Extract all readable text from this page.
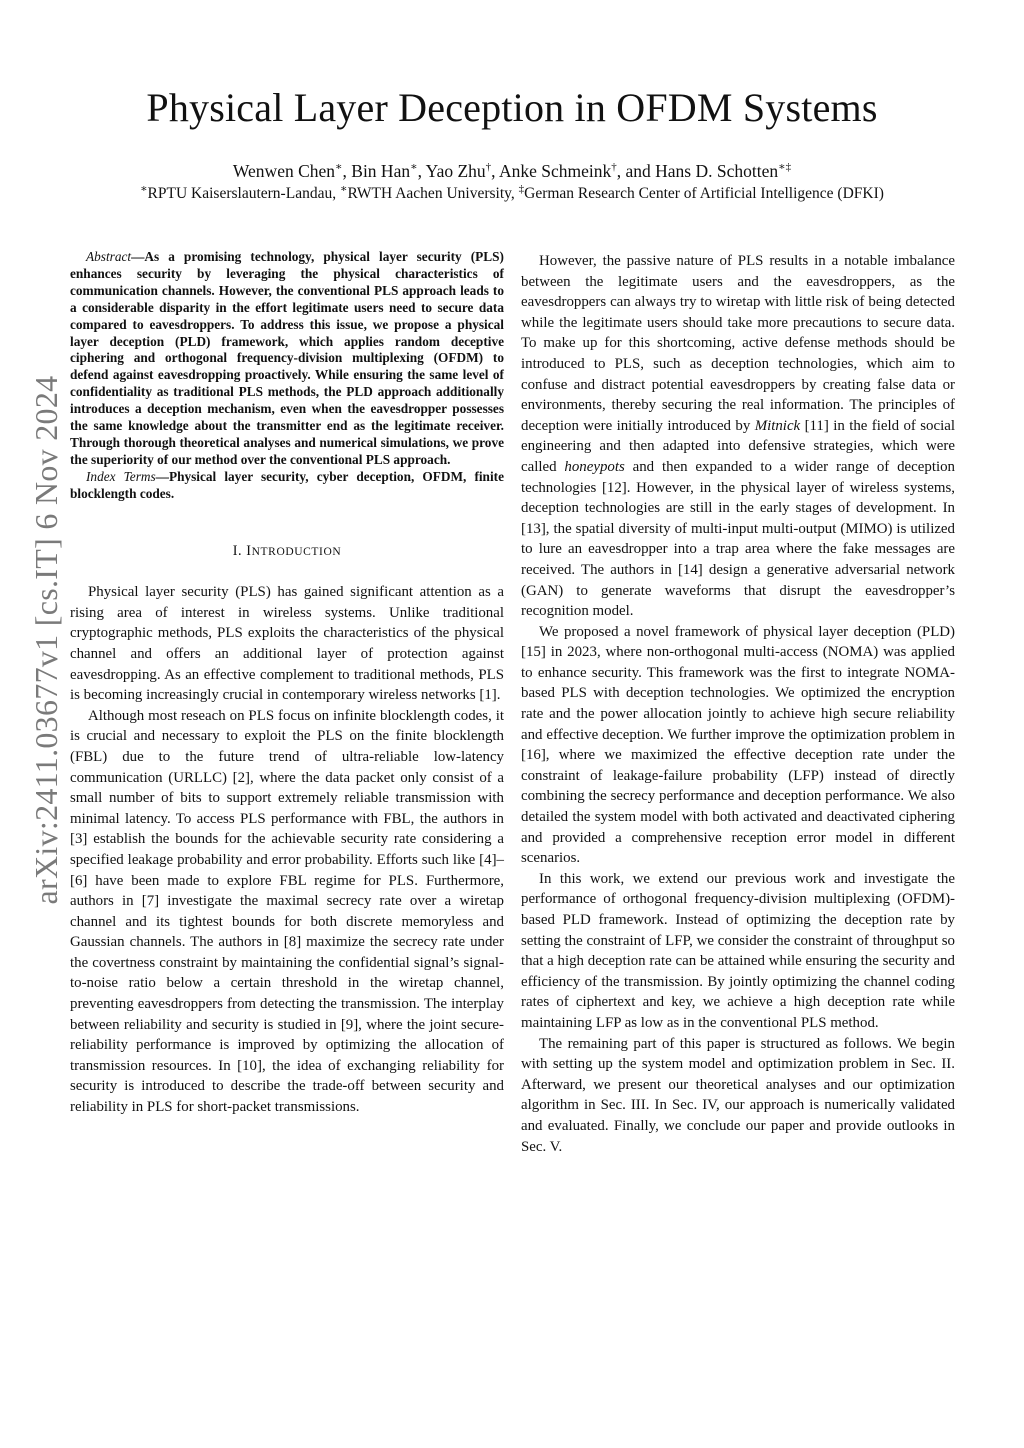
arXiv:2411.03677v1 [cs.IT] 6 Nov 2024
Physical Layer Deception in OFDM Systems
Wenwen Chen∗, Bin Han∗, Yao Zhu†, Anke Schmeink†, and Hans D. Schotten∗‡
∗RPTU Kaiserslautern-Landau, ∗RWTH Aachen University, ‡German Research Center of Artificial Intelligence (DFKI)

Abstract—As a promising technology, physical layer security (PLS) enhances security by leveraging the physical characteristics of communication channels. However, the conventional PLS approach leads to a considerable disparity in the effort legitimate users need to secure data compared to eavesdroppers. To address this issue, we propose a physical layer deception (PLD) framework, which applies random deceptive ciphering and orthogonal frequency-division multiplexing (OFDM) to defend against eavesdropping proactively. While ensuring the same level of confidentiality as traditional PLS methods, the PLD approach additionally introduces a deception mechanism, even when the eavesdropper possesses the same knowledge about the transmitter end as the legitimate receiver. Through thorough theoretical analyses and numerical simulations, we prove the superiority of our method over the conventional PLS approach.

Index Terms—Physical layer security, cyber deception, OFDM, finite blocklength codes.

I. INTRODUCTION

Physical layer security (PLS) has gained significant attention as a rising area of interest in wireless systems. Unlike traditional cryptographic methods, PLS exploits the characteristics of the physical channel and offers an additional layer of protection against eavesdropping. As an effective complement to traditional methods, PLS is becoming increasingly crucial in contemporary wireless networks [1].

Although most reseach on PLS focus on infinite blocklength codes, it is crucial and necessary to exploit the PLS on the finite blocklength (FBL) due to the future trend of ultra-reliable low-latency communication (URLLC) [2], where the data packet only consist of a small number of bits to support extremely reliable transmission with minimal latency. To access PLS performance with FBL, the authors in [3] establish the bounds for the achievable security rate considering a specified leakage probability and error probability. Efforts such like [4]–[6] have been made to explore FBL regime for PLS. Furthermore, authors in [7] investigate the maximal secrecy rate over a wiretap channel and its tightest bounds for both discrete memoryless and Gaussian channels. The authors in [8] maximize the secrecy rate under the covertness constraint by maintaining the confidential signal’s signal-to-noise ratio below a certain threshold in the wiretap channel, preventing eavesdroppers from detecting the transmission. The interplay between reliability and security is studied in [9], where the joint secure-reliability performance is improved by optimizing the allocation of transmission resources. In [10], the idea of exchanging reliability for security is introduced to describe the trade-off between security and reliability in PLS for short-packet transmissions.

However, the passive nature of PLS results in a notable imbalance between the legitimate users and the eavesdroppers, as the eavesdroppers can always try to wiretap with little risk of being detected while the legitimate users should take more precautions to secure data. To make up for this shortcoming, active defense methods should be introduced to PLS, such as deception technologies, which aim to confuse and distract potential eavesdroppers by creating false data or environments, thereby securing the real information. The principles of deception were initially introduced by Mitnick [11] in the field of social engineering and then adapted into defensive strategies, which were called honeypots and then expanded to a wider range of deception technologies [12]. However, in the physical layer of wireless systems, deception technologies are still in the early stages of development. In [13], the spatial diversity of multi-input multi-output (MIMO) is utilized to lure an eavesdropper into a trap area where the fake messages are received. The authors in [14] design a generative adversarial network (GAN) to generate waveforms that disrupt the eavesdropper’s recognition model.

We proposed a novel framework of physical layer deception (PLD) [15] in 2023, where non-orthogonal multi-access (NOMA) was applied to enhance security. This framework was the first to integrate NOMA-based PLS with deception technologies. We optimized the encryption rate and the power allocation jointly to achieve high secure reliability and effective deception. We further improve the optimization problem in [16], where we maximized the effective deception rate under the constraint of leakage-failure probability (LFP) instead of directly combining the secrecy performance and deception performance. We also detailed the system model with both activated and deactivated ciphering and provided a comprehensive reception error model in different scenarios.

In this work, we extend our previous work and investigate the performance of orthogonal frequency-division multiplexing (OFDM)-based PLD framework. Instead of optimizing the deception rate by setting the constraint of LFP, we consider the constraint of throughput so that a high deception rate can be attained while ensuring the security and efficiency of the transmission. By jointly optimizing the channel coding rates of ciphertext and key, we achieve a high deception rate while maintaining LFP as low as in the conventional PLS method.

The remaining part of this paper is structured as follows. We begin with setting up the system model and optimization problem in Sec. II. Afterward, we present our theoretical analyses and our optimization algorithm in Sec. III. In Sec. IV, our approach is numerically validated and evaluated. Finally, we conclude our paper and provide outlooks in Sec. V.
